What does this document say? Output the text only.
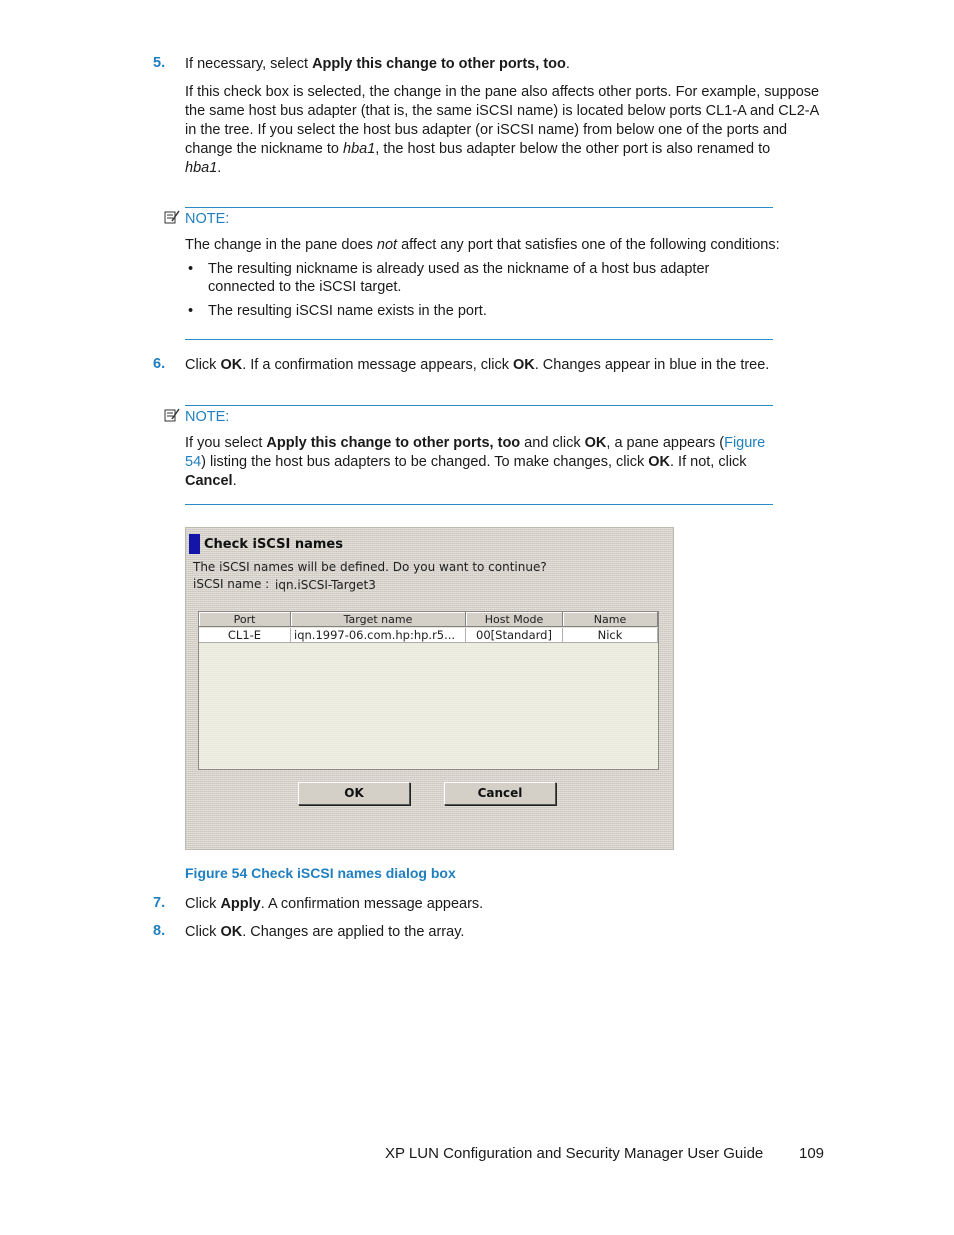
5. If necessary, select Apply this change to other ports, too.
If this check box is selected, the change in the pane also affects other ports. For example, suppose
the same host bus adapter (that is, the same iSCSI name) is located below ports CL1-A and CL2-A
in the tree. If you select the host bus adapter (or iSCSI name) from below one of the ports and
change the nickname to hba1, the host bus adapter below the other port is also renamed to
hba1.
NOTE:
The change in the pane does not affect any port that satisfies one of the following conditions:
• The resulting nickname is already used as the nickname of a host bus adapter connected to the iSCSI target.
• The resulting iSCSI name exists in the port.
6. Click OK. If a confirmation message appears, click OK. Changes appear in blue in the tree.
NOTE:
If you select Apply this change to other ports, too and click OK, a pane appears (Figure
54) listing the host bus adapters to be changed. To make changes, click OK. If not, click
Cancel.
Check iSCSI names
The iSCSI names will be defined. Do you want to continue?
iSCSI name : iqn.iSCSI-Target3
Port	Target name	Host Mode	Name
CL1-E	iqn.1997-06.com.hp:hp.r5...	00[Standard]	Nick
OK	Cancel
Figure 54 Check iSCSI names dialog box
7. Click Apply. A confirmation message appears.
8. Click OK. Changes are applied to the array.
XP LUN Configuration and Security Manager User Guide 109
